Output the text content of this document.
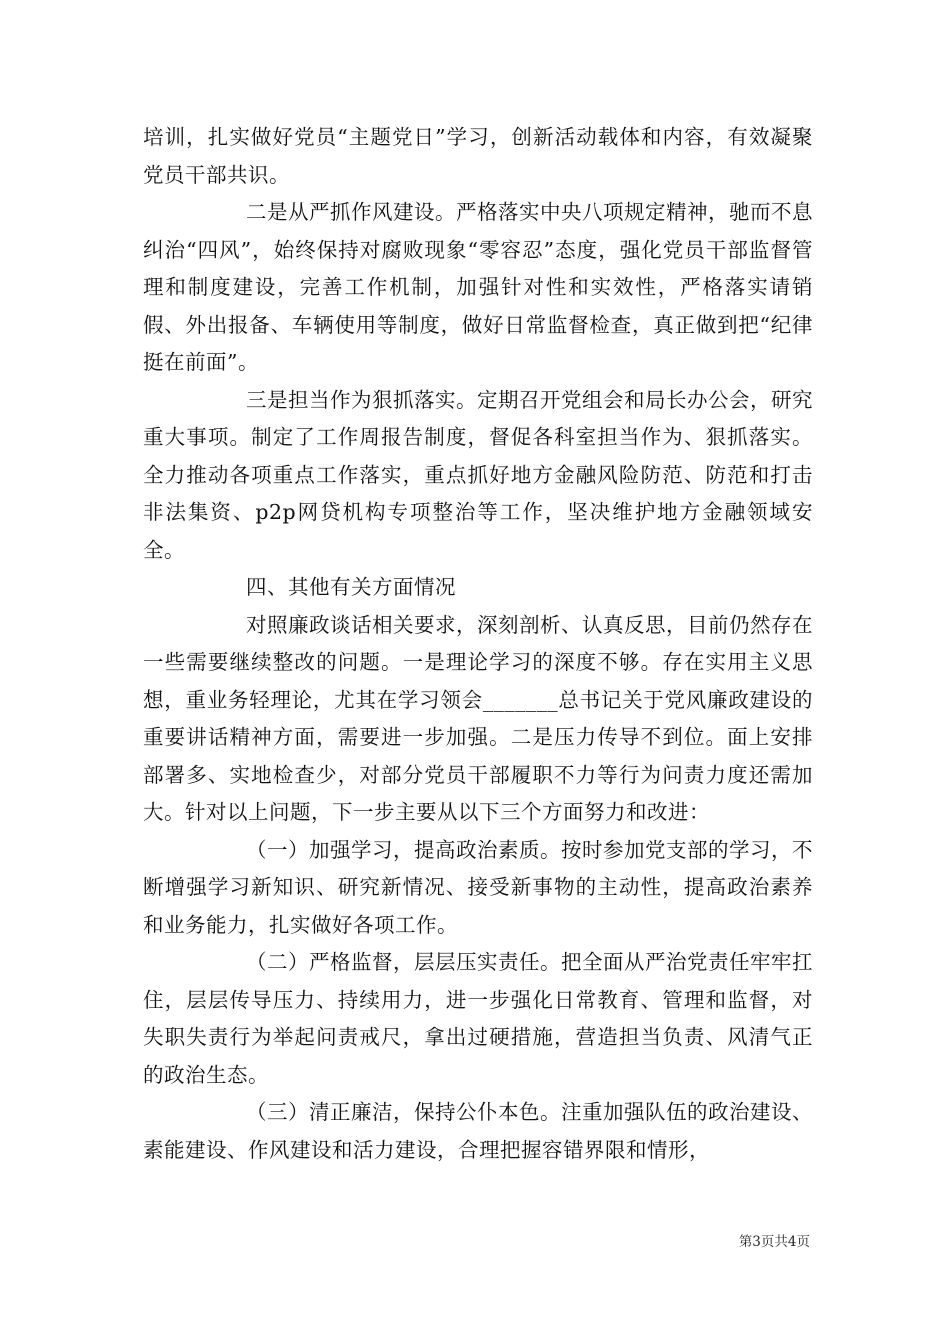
培训，扎实做好党员“主题党日”学习，创新活动载体和内容，有效凝聚党员干部共识。

二是从严抓作风建设。严格落实中央八项规定精神，驰而不息纠治“四风”，始终保持对腐败现象“零容忍”态度，强化党员干部监督管理和制度建设，完善工作机制，加强针对性和实效性，严格落实请销假、外出报备、车辆使用等制度，做好日常监督检查，真正做到把“纪律挺在前面”。

三是担当作为狠抓落实。定期召开党组会和局长办公会，研究重大事项。制定了工作周报告制度，督促各科室担当作为、狠抓落实。全力推动各项重点工作落实，重点抓好地方金融风险防范、防范和打击非法集资、p2p网贷机构专项整治等工作，坚决维护地方金融领域安全。

四、其他有关方面情况

对照廉政谈话相关要求，深刻剖析、认真反思，目前仍然存在一些需要继续整改的问题。一是理论学习的深度不够。存在实用主义思想，重业务轻理论，尤其在学习领会_______总书记关于党风廉政建设的重要讲话精神方面，需要进一步加强。二是压力传导不到位。面上安排部署多、实地检查少，对部分党员干部履职不力等行为问责力度还需加大。针对以上问题，下一步主要从以下三个方面努力和改进：

（一）加强学习，提高政治素质。按时参加党支部的学习，不断增强学习新知识、研究新情况、接受新事物的主动性，提高政治素养和业务能力，扎实做好各项工作。

（二）严格监督，层层压实责任。把全面从严治党责任牢牢扛住，层层传导压力、持续用力，进一步强化日常教育、管理和监督，对失职失责行为举起问责戒尺，拿出过硬措施，营造担当负责、风清气正的政治生态。

（三）清正廉洁，保持公仆本色。注重加强队伍的政治建设、素能建设、作风建设和活力建设，合理把握容错界限和情形，

第3页共4页
